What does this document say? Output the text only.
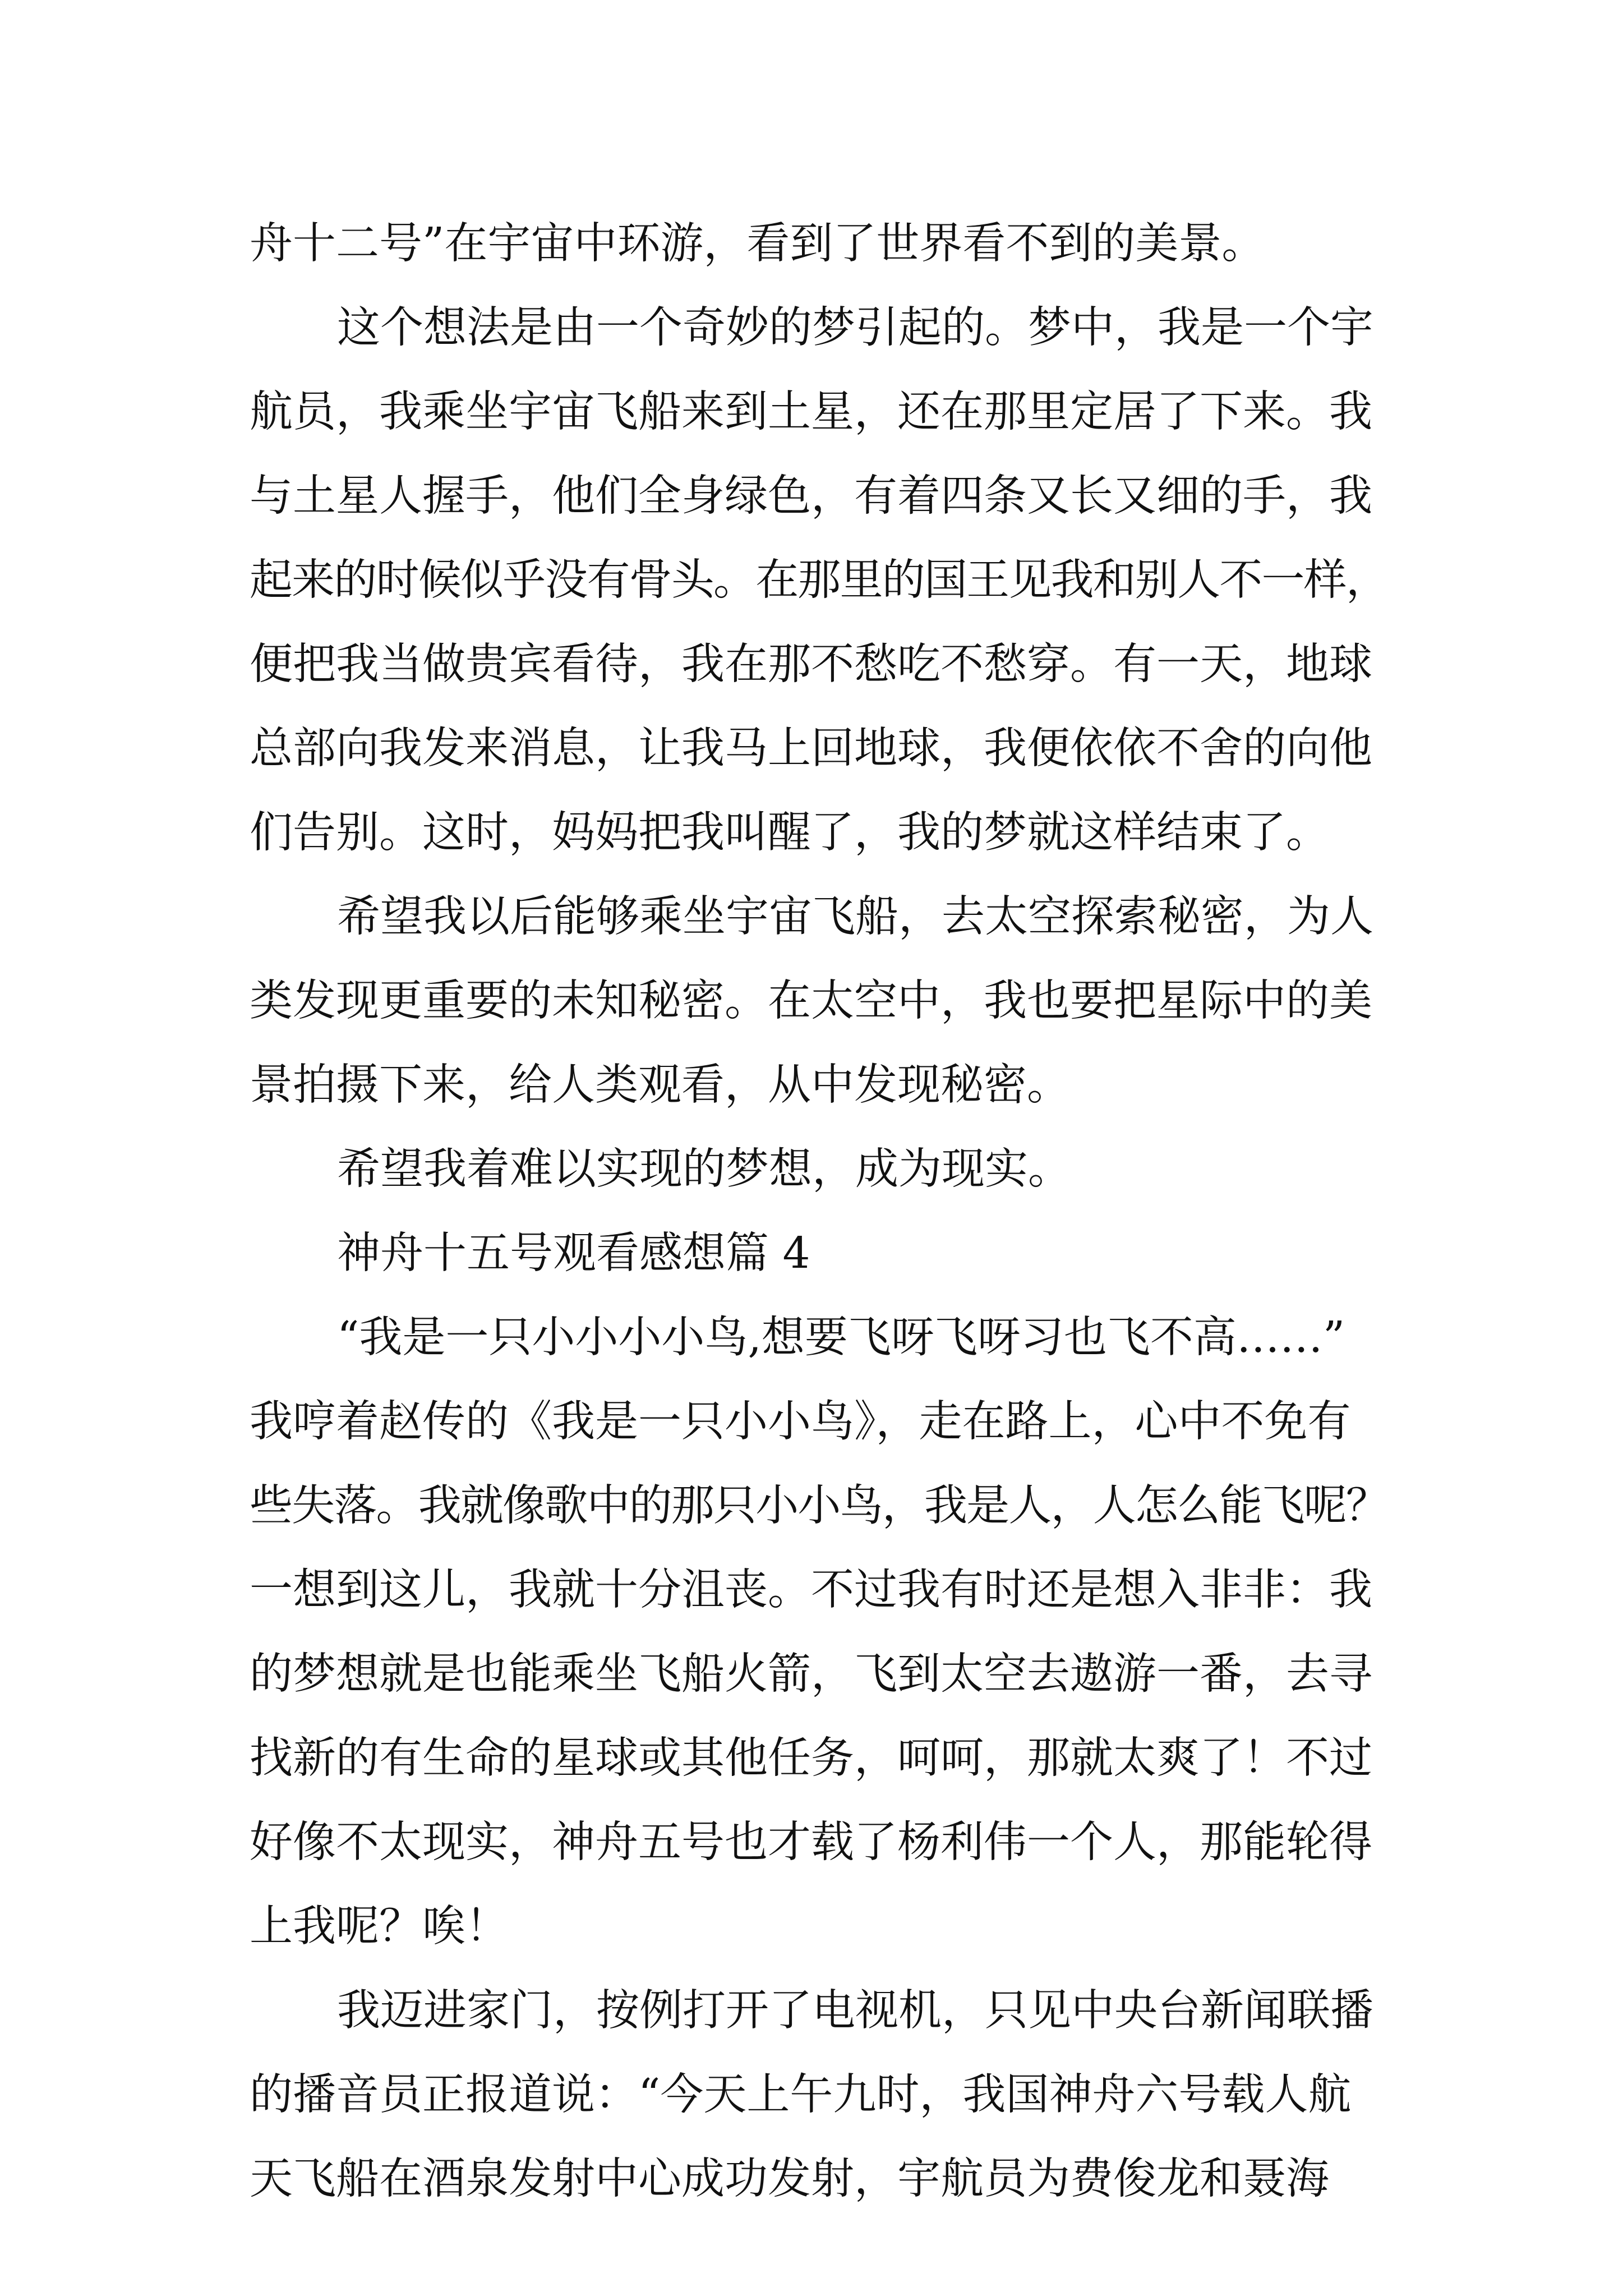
舟十二号”在宇宙中环游，看到了世界看不到的美景。
这个想法是由一个奇妙的梦引起的。梦中，我是一个宇
航员，我乘坐宇宙飞船来到土星，还在那里定居了下来。我
与土星人握手，他们全身绿色，有着四条又长又细的手，我
起来的时候似乎没有骨头。在那里的国王见我和别人不一样，
便把我当做贵宾看待，我在那不愁吃不愁穿。有一天，地球
总部向我发来消息，让我马上回地球，我便依依不舍的向他
们告别。这时，妈妈把我叫醒了，我的梦就这样结束了。
希望我以后能够乘坐宇宙飞船，去太空探索秘密，为人
类发现更重要的未知秘密。在太空中，我也要把星际中的美
景拍摄下来，给人类观看，从中发现秘密。
希望我着难以实现的梦想，成为现实。
神舟十五号观看感想篇 4
“我是一只小小小小鸟,想要飞呀飞呀习也飞不高……”
我哼着赵传的《我是一只小小鸟》，走在路上，心中不免有
些失落。我就像歌中的那只小小鸟，我是人，人怎么能飞呢？
一想到这儿，我就十分沮丧。不过我有时还是想入非非：我
的梦想就是也能乘坐飞船火箭，飞到太空去遨游一番，去寻
找新的有生命的星球或其他任务，呵呵，那就太爽了！不过
好像不太现实，神舟五号也才载了杨利伟一个人，那能轮得
上我呢？唉！
我迈进家门，按例打开了电视机，只见中央台新闻联播
的播音员正报道说：“今天上午九时，我国神舟六号载人航
天飞船在酒泉发射中心成功发射，宇航员为费俊龙和聂海
